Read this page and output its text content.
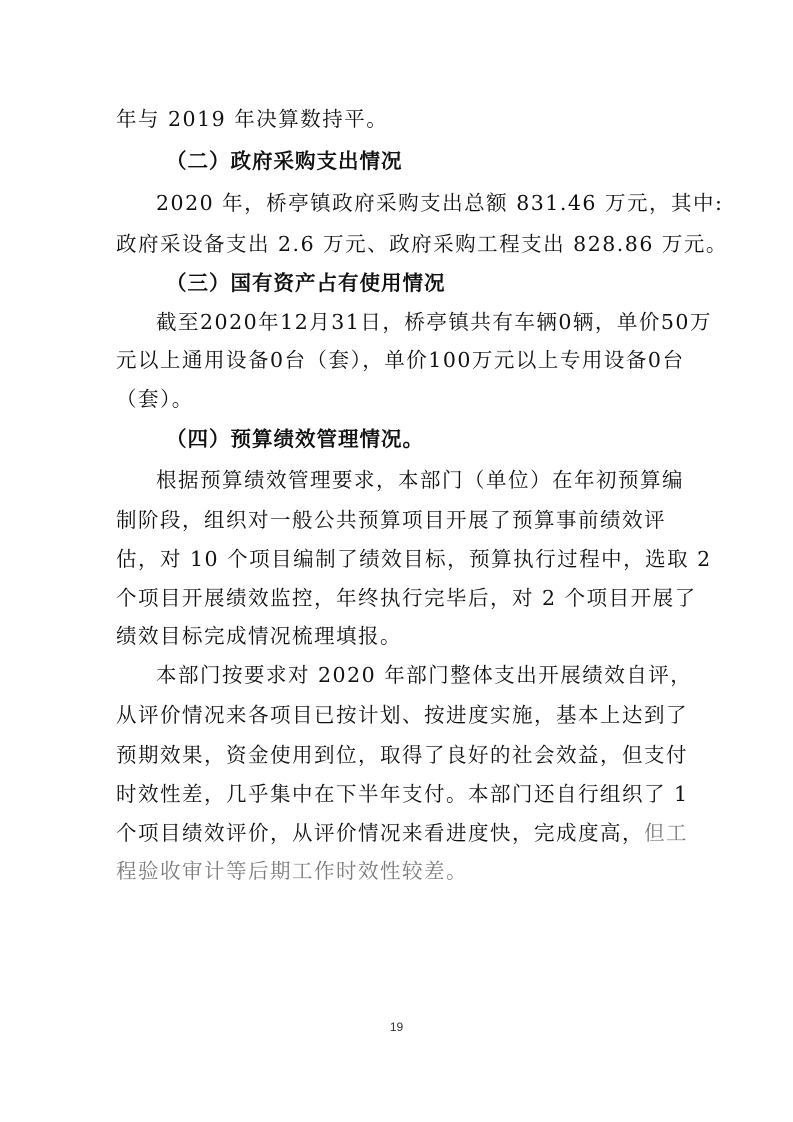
年与 2019 年决算数持平。
（二）政府采购支出情况
2020 年，桥亭镇政府采购支出总额 831.46 万元，其中:
政府采设备支出 2.6 万元、政府采购工程支出 828.86 万元。
（三）国有资产占有使用情况
截至2020年12月31日，桥亭镇共有车辆0辆，单价50万
元以上通用设备0台（套），单价100万元以上专用设备0台
（套）。
（四）预算绩效管理情况。
根据预算绩效管理要求，本部门（单位）在年初预算编
制阶段，组织对一般公共预算项目开展了预算事前绩效评
估，对 10 个项目编制了绩效目标，预算执行过程中，选取 2
个项目开展绩效监控，年终执行完毕后，对 2 个项目开展了
绩效目标完成情况梳理填报。
本部门按要求对 2020 年部门整体支出开展绩效自评，
从评价情况来各项目已按计划、按进度实施，基本上达到了
预期效果，资金使用到位，取得了良好的社会效益，但支付
时效性差，几乎集中在下半年支付。本部门还自行组织了 1
个项目绩效评价，从评价情况来看进度快，完成度高，但工
程验收审计等后期工作时效性较差。
19
